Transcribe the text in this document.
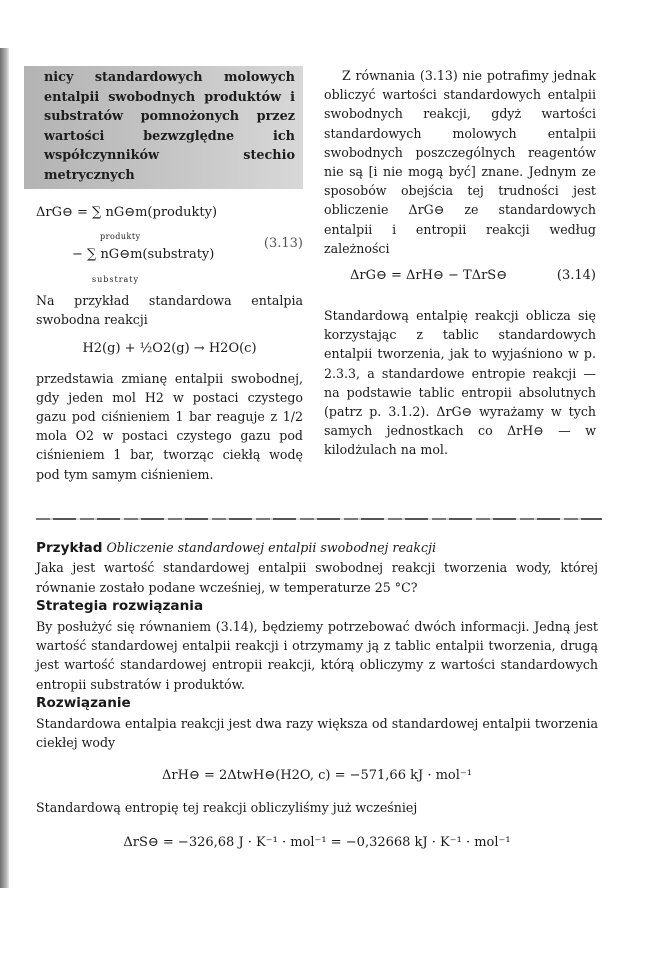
nicy standardowych molowych entalpii swobodnych produktów i substratów pomnożonych przez wartości bezwzględne ich współczynników stechio metrycznych
ΔrG⊖ = ∑ nG⊖m(produkty)
produkty
− ∑ nG⊖m(substraty)
substraty
(3.13)

Na przykład standardowa entalpia swobodna reakcji

H2(g) + ½O2(g) → H2O(c)

przedstawia zmianę entalpii swobodnej, gdy jeden mol H2 w postaci czystego gazu pod ciśnieniem 1 bar reaguje z 1/2 mola O2 w postaci czystego gazu pod ciśnieniem 1 bar, tworząc ciekłą wodę pod tym samym ciśnieniem.

Z równania (3.13) nie potrafimy jednak obliczyć wartości standardowych entalpii swobodnych reakcji, gdyż wartości standardowych molowych entalpii swobodnych poszczególnych reagentów nie są [i nie mogą być] znane. Jednym ze sposobów obejścia tej trudności jest obliczenie ΔrG⊖ ze standardowych entalpii i entropii reakcji według zależności

ΔrG⊖ = ΔrH⊖ − TΔrS⊖	(3.14)

Standardową entalpię reakcji oblicza się korzystając z tablic standardowych entalpii tworzenia, jak to wyjaśniono w p. 2.3.3, a standardowe entropie reakcji — na podstawie tablic entropii absolutnych (patrz p. 3.1.2). ΔrG⊖ wyrażamy w tych samych jednostkach co ΔrH⊖ — w kilodżulach na mol.

Przykład Obliczenie standardowej entalpii swobodnej reakcji

Jaka jest wartość standardowej entalpii swobodnej reakcji tworzenia wody, której równanie zostało podane wcześniej, w temperaturze 25 °C?

Strategia rozwiązania

By posłużyć się równaniem (3.14), będziemy potrzebować dwóch informacji. Jedną jest wartość standardowej entalpii reakcji i otrzymamy ją z tablic entalpii tworzenia, drugą jest wartość standardowej entropii reakcji, którą obliczymy z wartości standardowych entropii substratów i produktów.

Rozwiązanie

Standardowa entalpia reakcji jest dwa razy większa od standardowej entalpii tworzenia ciekłej wody

ΔrH⊖ = 2ΔtwH⊖(H2O, c) = −571,66 kJ · mol⁻¹

Standardową entropię tej reakcji obliczyliśmy już wcześniej

ΔrS⊖ = −326,68 J · K⁻¹ · mol⁻¹ = −0,32668 kJ · K⁻¹ · mol⁻¹
